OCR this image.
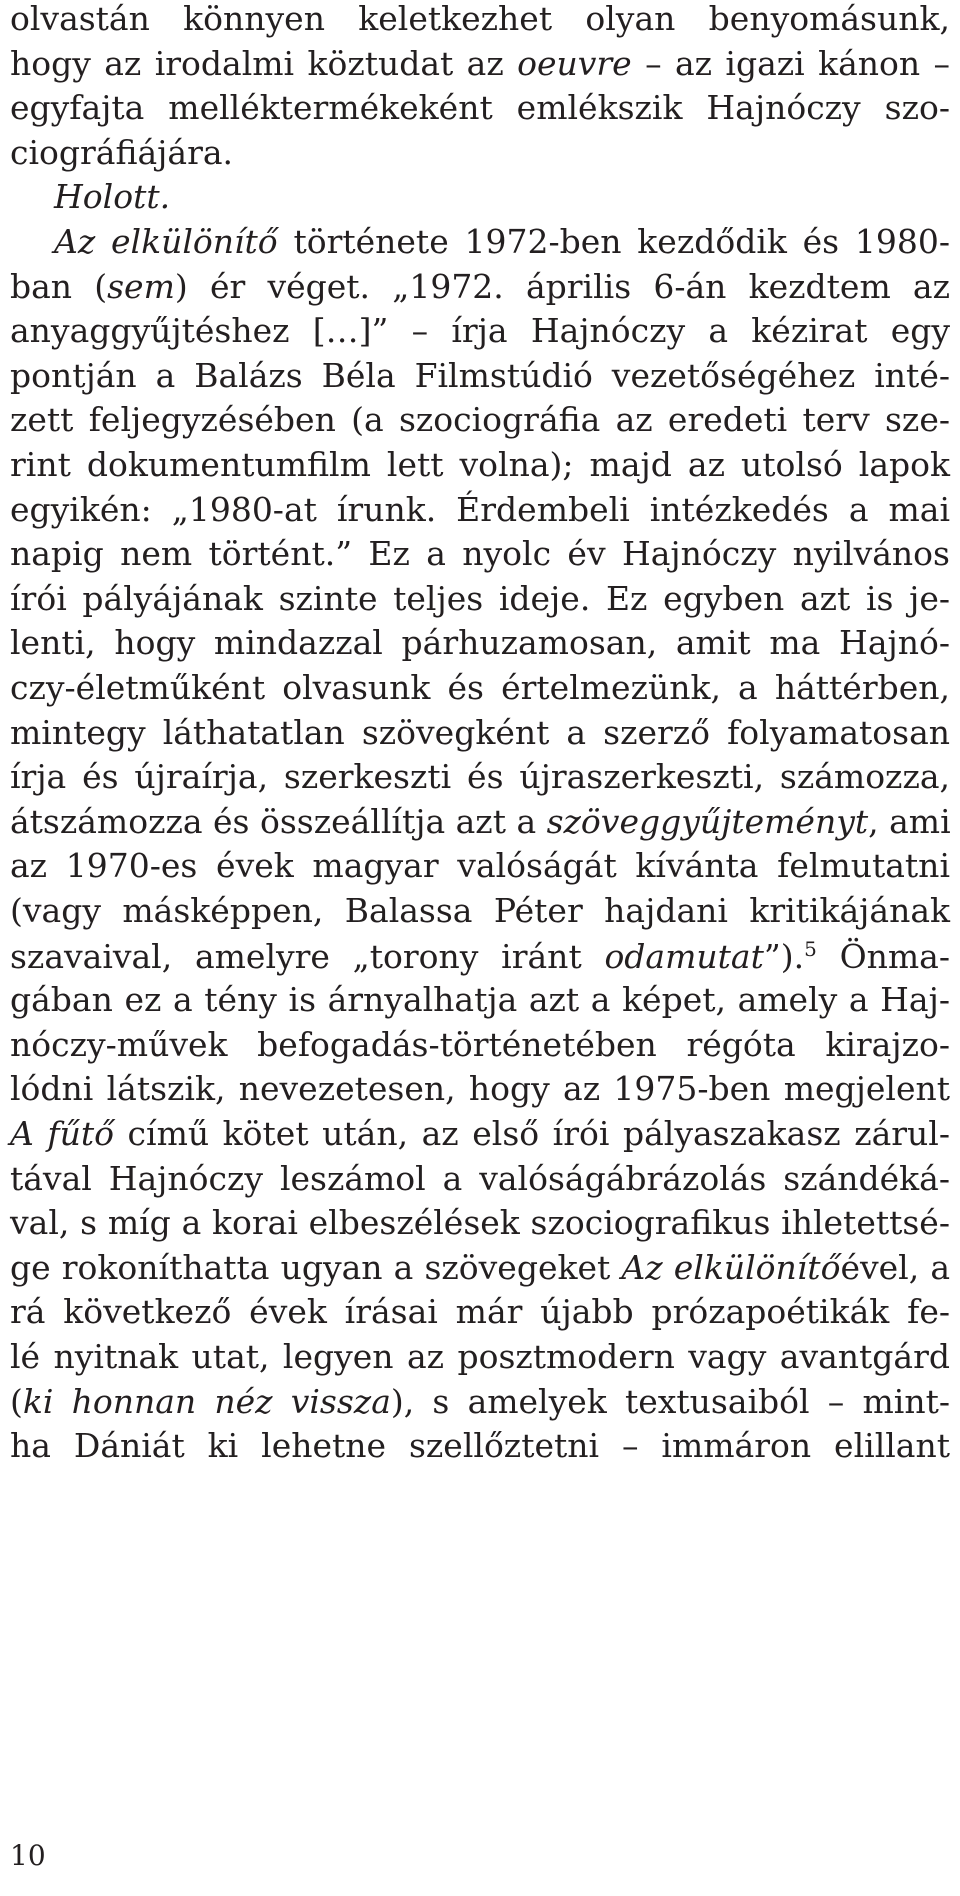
olvastán könnyen keletkezhet olyan benyomásunk,
hogy az irodalmi köztudat az oeuvre – az igazi kánon –
egyfajta melléktermékeként emlékszik Hajnóczy szo-
ciográfiájára.
Holott.
Az elkülönítő története 1972-ben kezdődik és 1980-
ban (sem) ér véget. „1972. április 6-án kezdtem az
anyaggyűjtéshez […]” – írja Hajnóczy a kézirat egy
pontján a Balázs Béla Filmstúdió vezetőségéhez inté-
zett feljegyzésében (a szociográfia az eredeti terv sze-
rint dokumentumfilm lett volna); majd az utolsó lapok
egyikén: „1980-at írunk. Érdembeli intézkedés a mai
napig nem történt.” Ez a nyolc év Hajnóczy nyilvános
írói pályájának szinte teljes ideje. Ez egyben azt is je-
lenti, hogy mindazzal párhuzamosan, amit ma Hajnó-
czy-életműként olvasunk és értelmezünk, a háttérben,
mintegy láthatatlan szövegként a szerző folyamatosan
írja és újraírja, szerkeszti és újraszerkeszti, számozza,
átszámozza és összeállítja azt a szöveggyűjteményt, ami
az 1970-es évek magyar valóságát kívánta felmutatni
(vagy másképpen, Balassa Péter hajdani kritikájának
szavaival, amelyre „torony iránt odamutat”).$^5$ Önma-
gában ez a tény is árnyalhatja azt a képet, amely a Haj-
nóczy-művek befogadás-történetében régóta kirajzo-
lódni látszik, nevezetesen, hogy az 1975-ben megjelent
A fűtő című kötet után, az első írói pályaszakasz zárul-
tával Hajnóczy leszámol a valóságábrázolás szándéká-
val, s míg a korai elbeszélések szociografikus ihletettsé-
ge rokoníthatta ugyan a szövegeket Az elkülönítőével, a
rá következő évek írásai már újabb prózapoétikák fe-
lé nyitnak utat, legyen az posztmodern vagy avantgárd
(ki honnan néz vissza), s amelyek textusaiból – mint-
ha Dániát ki lehetne szellőztetni – immáron elillant
10
